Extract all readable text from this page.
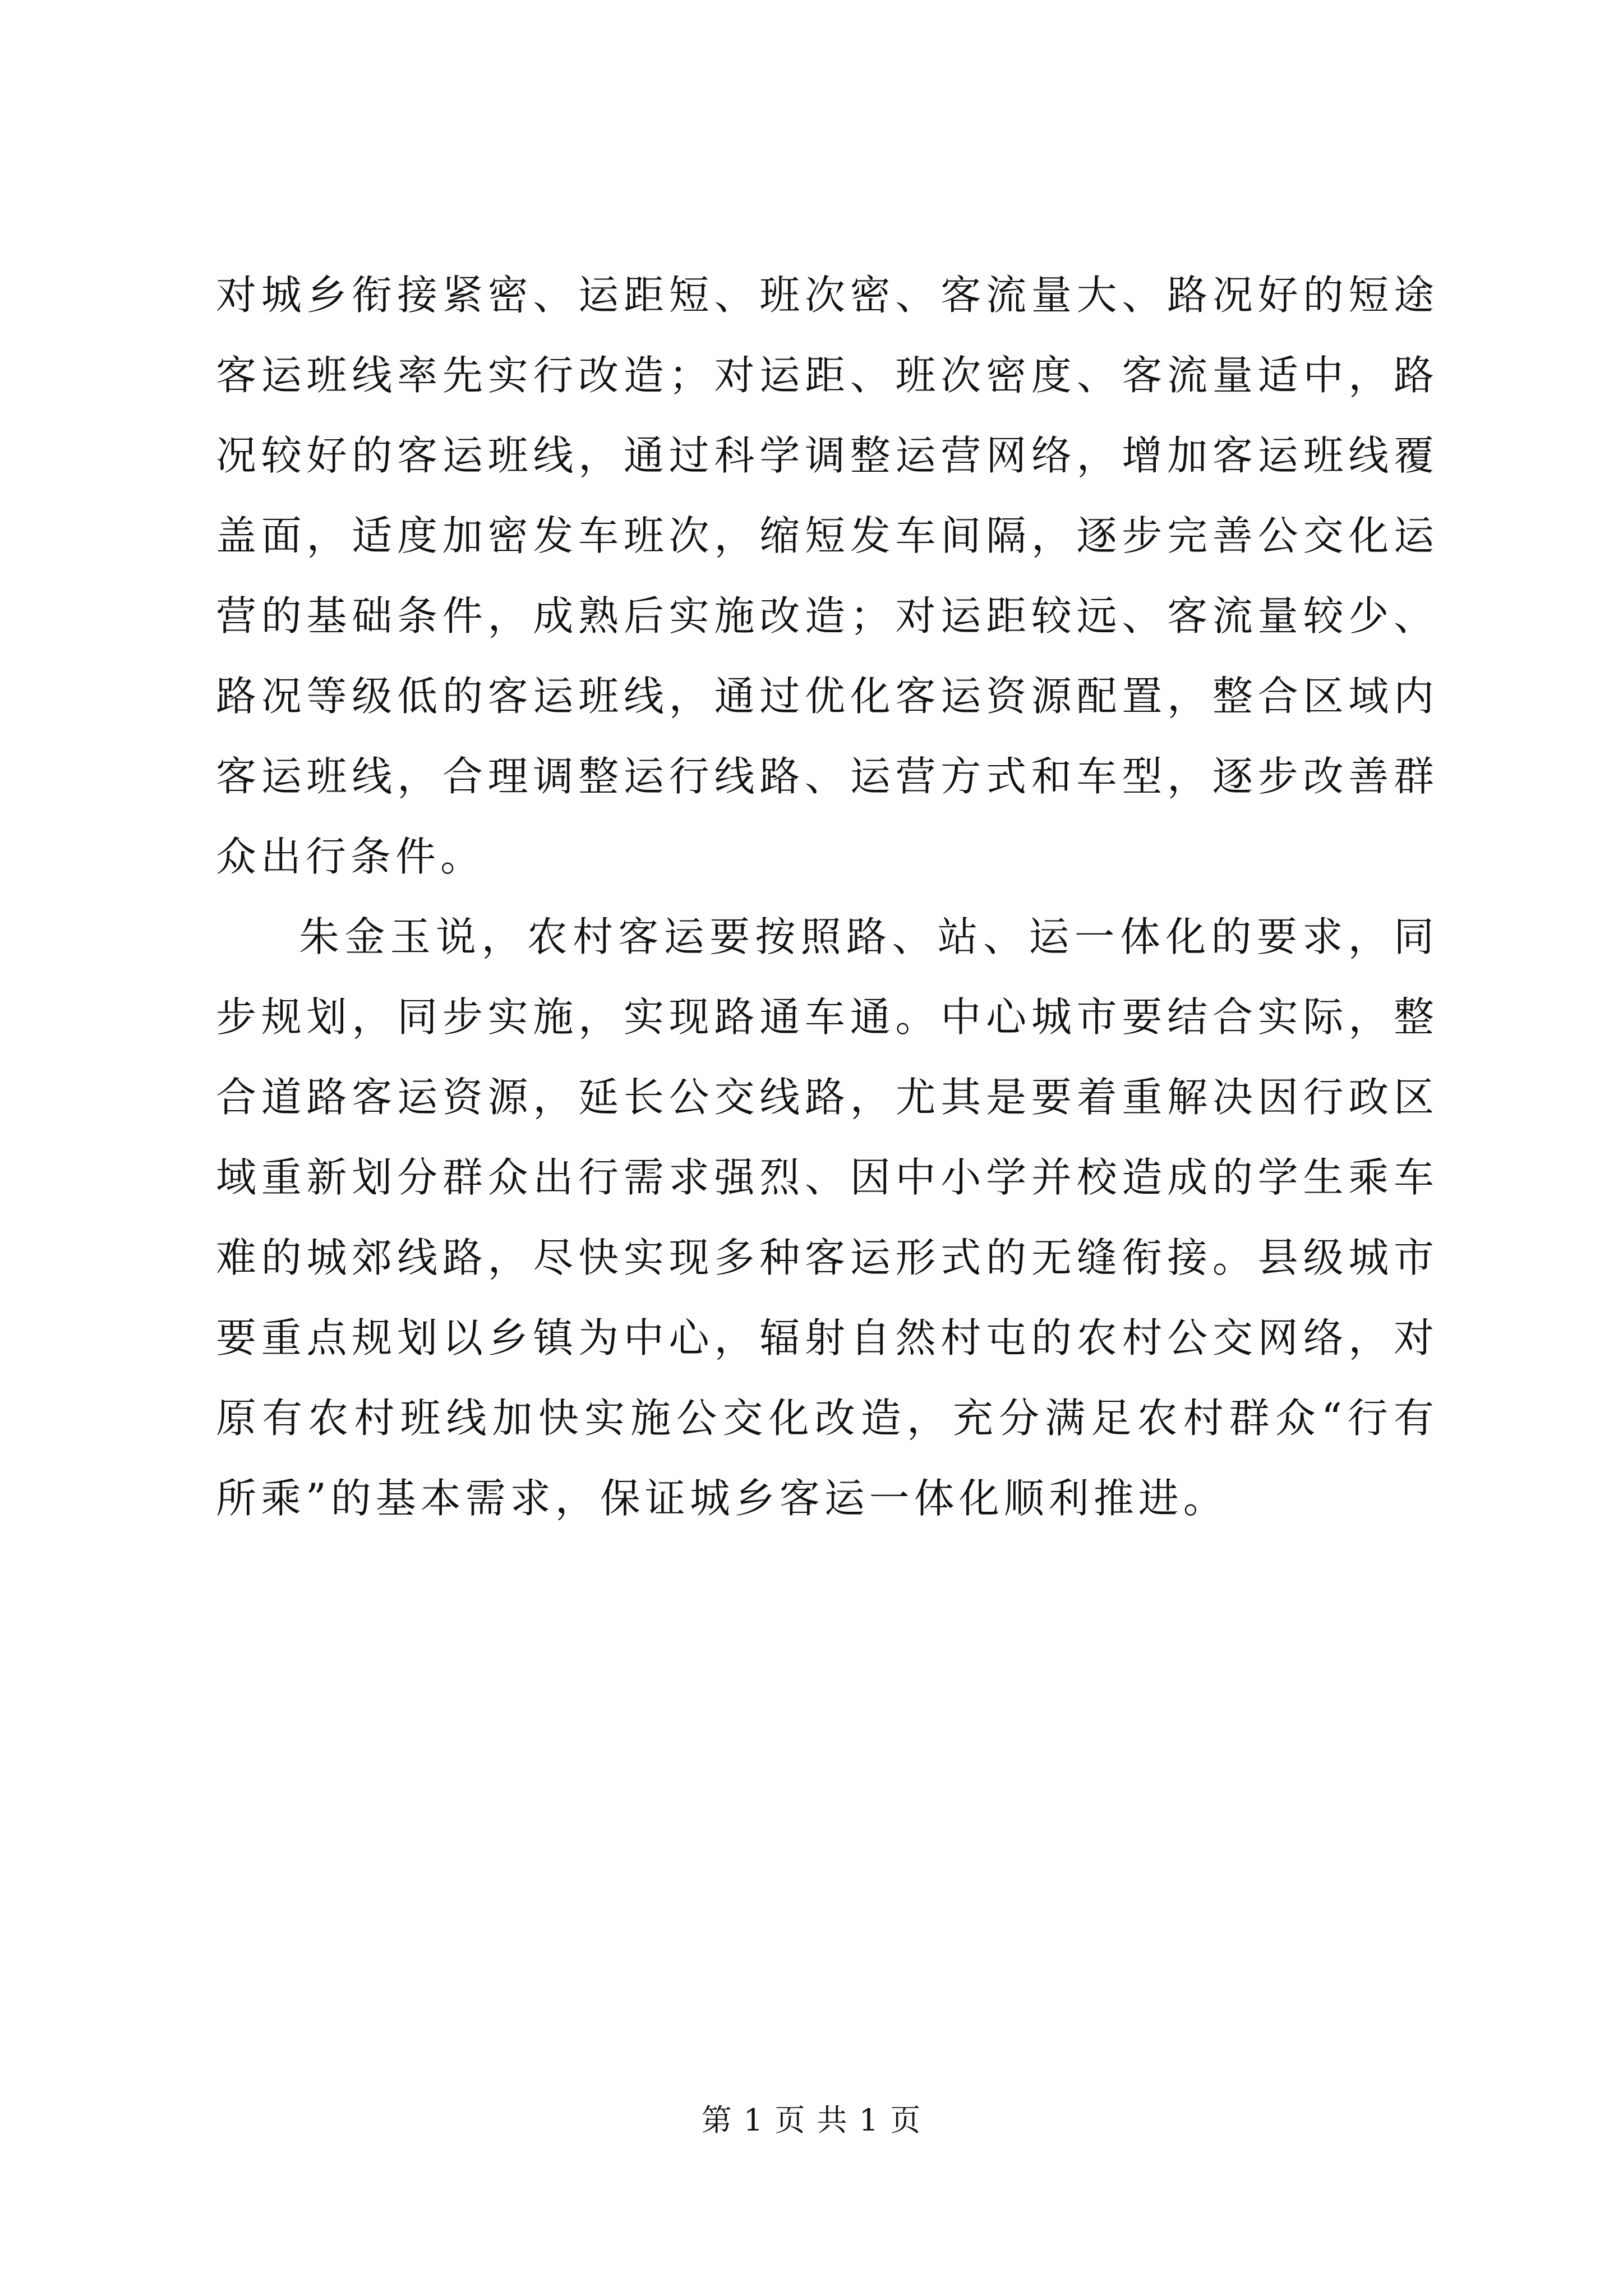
对城乡衔接紧密、运距短、班次密、客流量大、路况好的短途客运班线率先实行改造；对运距、班次密度、客流量适中，路况较好的客运班线，通过科学调整运营网络，增加客运班线覆盖面，适度加密发车班次，缩短发车间隔，逐步完善公交化运营的基础条件，成熟后实施改造；对运距较远、客流量较少、路况等级低的客运班线，通过优化客运资源配置，整合区域内客运班线，合理调整运行线路、运营方式和车型，逐步改善群众出行条件。

朱金玉说，农村客运要按照路、站、运一体化的要求，同步规划，同步实施，实现路通车通。中心城市要结合实际，整合道路客运资源，延长公交线路，尤其是要着重解决因行政区域重新划分群众出行需求强烈、因中小学并校造成的学生乘车难的城郊线路，尽快实现多种客运形式的无缝衔接。县级城市要重点规划以乡镇为中心，辐射自然村屯的农村公交网络，对原有农村班线加快实施公交化改造，充分满足农村群众“行有所乘”的基本需求，保证城乡客运一体化顺利推进。

第 1 页 共 1 页
